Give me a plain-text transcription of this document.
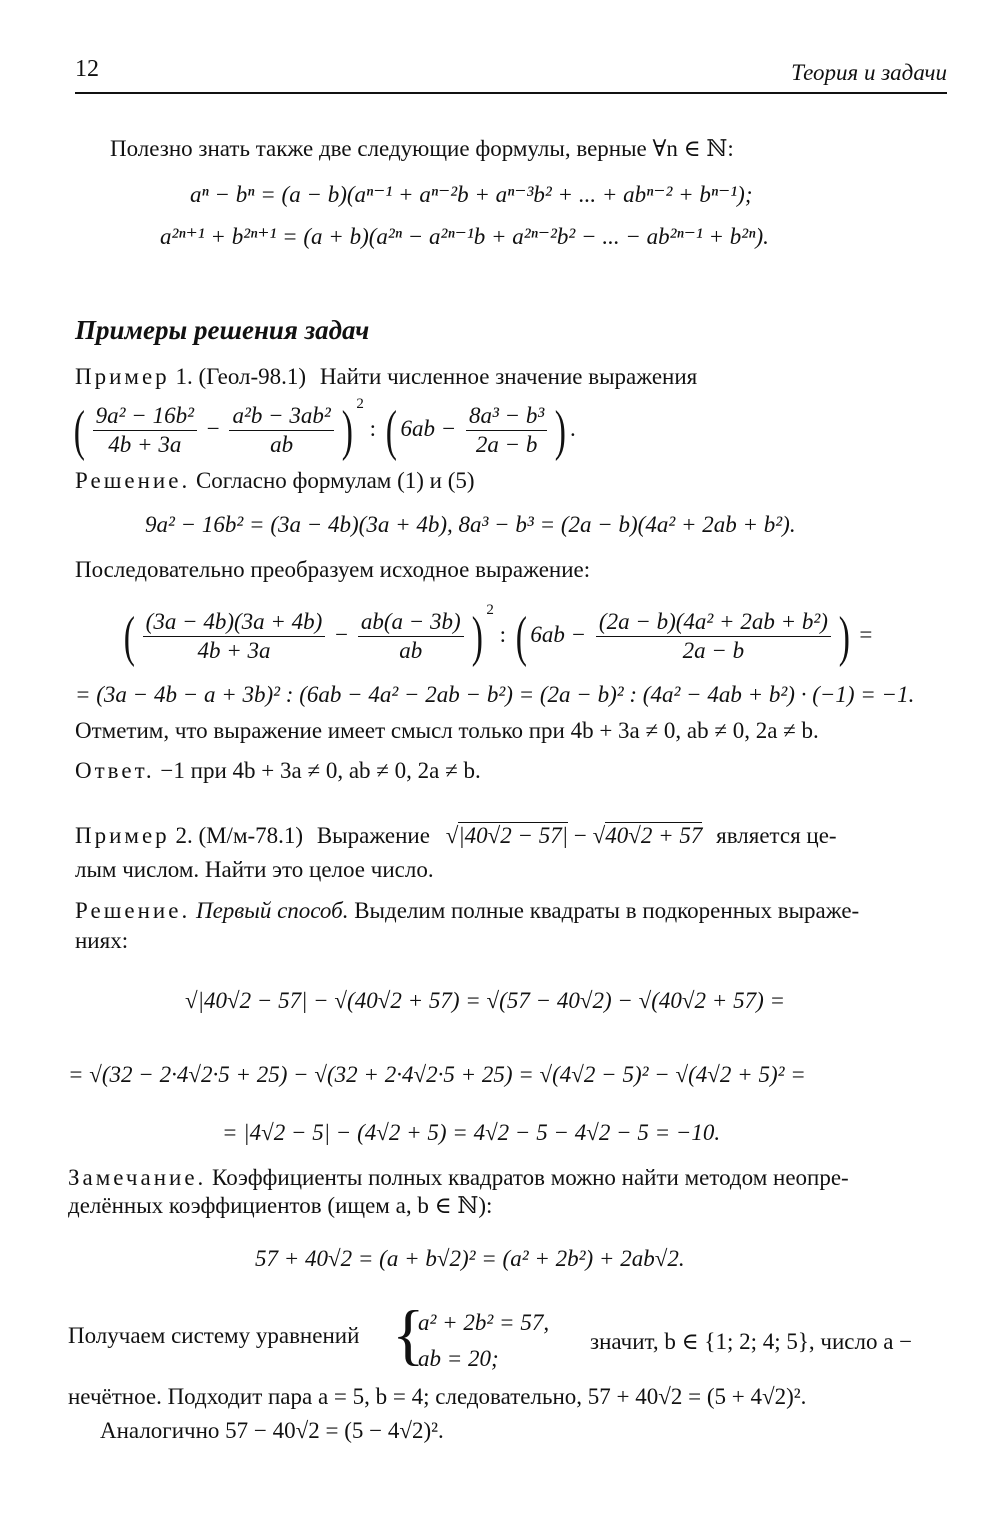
12	Теория и задачи
Полезно знать также две следующие формулы, верные ∀n ∈ ℕ:
aⁿ − bⁿ = (a − b)(aⁿ⁻¹ + aⁿ⁻²b + aⁿ⁻³b² + ... + abⁿ⁻² + bⁿ⁻¹);
a²ⁿ⁺¹ + b²ⁿ⁺¹ = (a + b)(a²ⁿ − a²ⁿ⁻¹b + a²ⁿ⁻²b² − ... − ab²ⁿ⁻¹ + b²ⁿ).
Примеры решения задач
Пример 1. (Геол-98.1) Найти численное значение выражения
( $\frac{\text{9a² − 16b²}}{4b + 3a} - \frac{\text{a²b − 3ab²}}{ab}$ ) $^2$ : ( $6ab - \frac{\text{8a³ − b³}}{2a - b}$ ) .
Решение. Согласно формулам (1) и (5)
9a² − 16b² = (3a − 4b)(3a + 4b), 8a³ − b³ = (2a − b)(4a² + 2ab + b²).
Последовательно преобразуем исходное выражение:
( $\frac{(3a - 4b)(3a + 4b)}{4b + 3a} - \frac{ab(a - 3b)}{ab}$ ) $^2$ : ( $6ab - \frac{\text{(2a − b)(4a² + 2ab + b²)}}{2a - b}$ ) =
= (3a − 4b − a + 3b)² : (6ab − 4a² − 2ab − b²) = (2a − b)² : (4a² − 4ab + b²) · (−1) = −1.
Отметим, что выражение имеет смысл только при 4b + 3a ≠ 0, ab ≠ 0, 2a ≠ b.
Ответ. −1 при 4b + 3a ≠ 0, ab ≠ 0, 2a ≠ b.
Пример 2. (М/м-78.1) Выражение √|40√2 − 57| − √40√2 + 57 является це-
лым числом. Найти это целое число.
Решение. Первый способ. Выделим полные квадраты в подкоренных выраже-
ниях:
√|40√2 − 57| − √(40√2 + 57) = √(57 − 40√2) − √(40√2 + 57) =
= √(32 − 2·4√2·5 + 25) − √(32 + 2·4√2·5 + 25) = √(4√2 − 5)² − √(4√2 + 5)² =
= |4√2 − 5| − (4√2 + 5) = 4√2 − 5 − 4√2 − 5 = −10.
Замечание. Коэффициенты полных квадратов можно найти методом неопре-
делённых коэффициентов (ищем a, b ∈ ℕ):
57 + 40√2 = (a + b√2)² = (a² + 2b²) + 2ab√2.
Получаем систему уравнений {
a² + 2b² = 57,
ab = 20;
значит, b ∈ {1; 2; 4; 5}, число a −
нечётное. Подходит пара a = 5, b = 4; следовательно, 57 + 40√2 = (5 + 4√2)².
Аналогично 57 − 40√2 = (5 − 4√2)².
